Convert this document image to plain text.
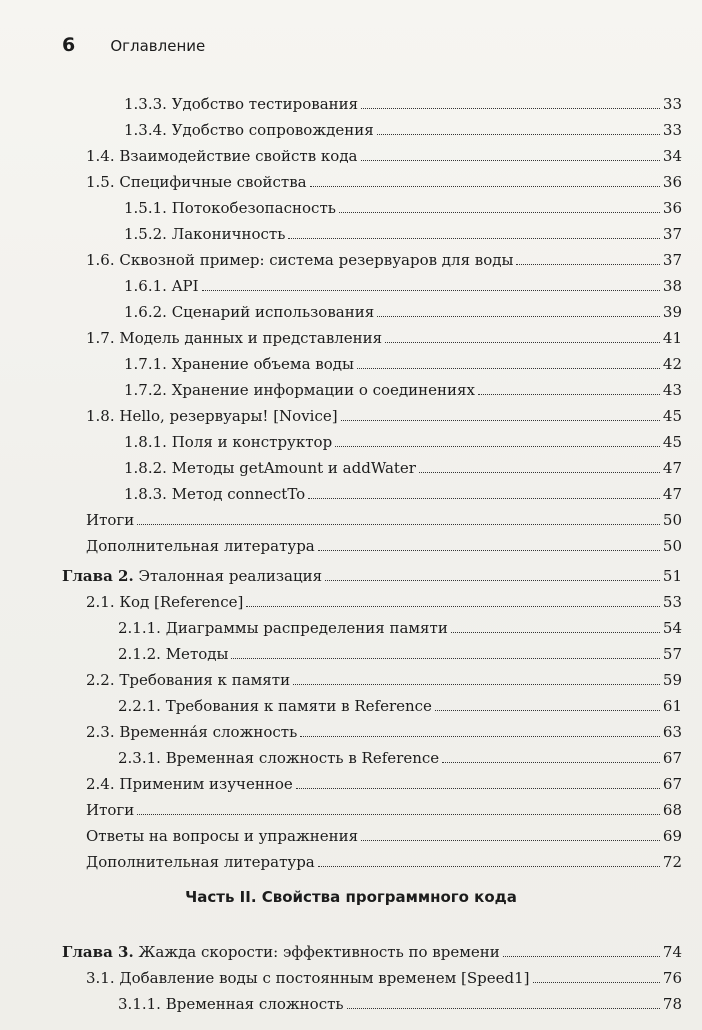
6 Оглавление
1.3.3. Удобство тестирования	33
1.3.4. Удобство сопровождения	33
1.4. Взаимодействие свойств кода	34
1.5. Специфичные свойства	36
1.5.1. Потокобезопасность	36
1.5.2. Лаконичность	37
1.6. Сквозной пример: система резервуаров для воды	37
1.6.1. API	38
1.6.2. Сценарий использования	39
1.7. Модель данных и представления	41
1.7.1. Хранение объема воды	42
1.7.2. Хранение информации о соединениях	43
1.8. Hello, резервуары! [Novice]	45
1.8.1. Поля и конструктор	45
1.8.2. Методы getAmount и addWater	47
1.8.3. Метод connectTo	47
Итоги	50
Дополнительная литература	50
Глава 2. Эталонная реализация	51
2.1. Код [Reference]	53
2.1.1. Диаграммы распределения памяти	54
2.1.2. Методы	57
2.2. Требования к памяти	59
2.2.1. Требования к памяти в Reference	61
2.3. Временна́я сложность	63
2.3.1. Временная сложность в Reference	67
2.4. Применим изученное	67
Итоги	68
Ответы на вопросы и упражнения	69
Дополнительная литература	72
Глава 3. Жажда скорости: эффективность по времени	74
3.1. Добавление воды с постоянным временем [Speed1]	76
3.1.1. Временная сложность	78
Часть II. Свойства программного кода
